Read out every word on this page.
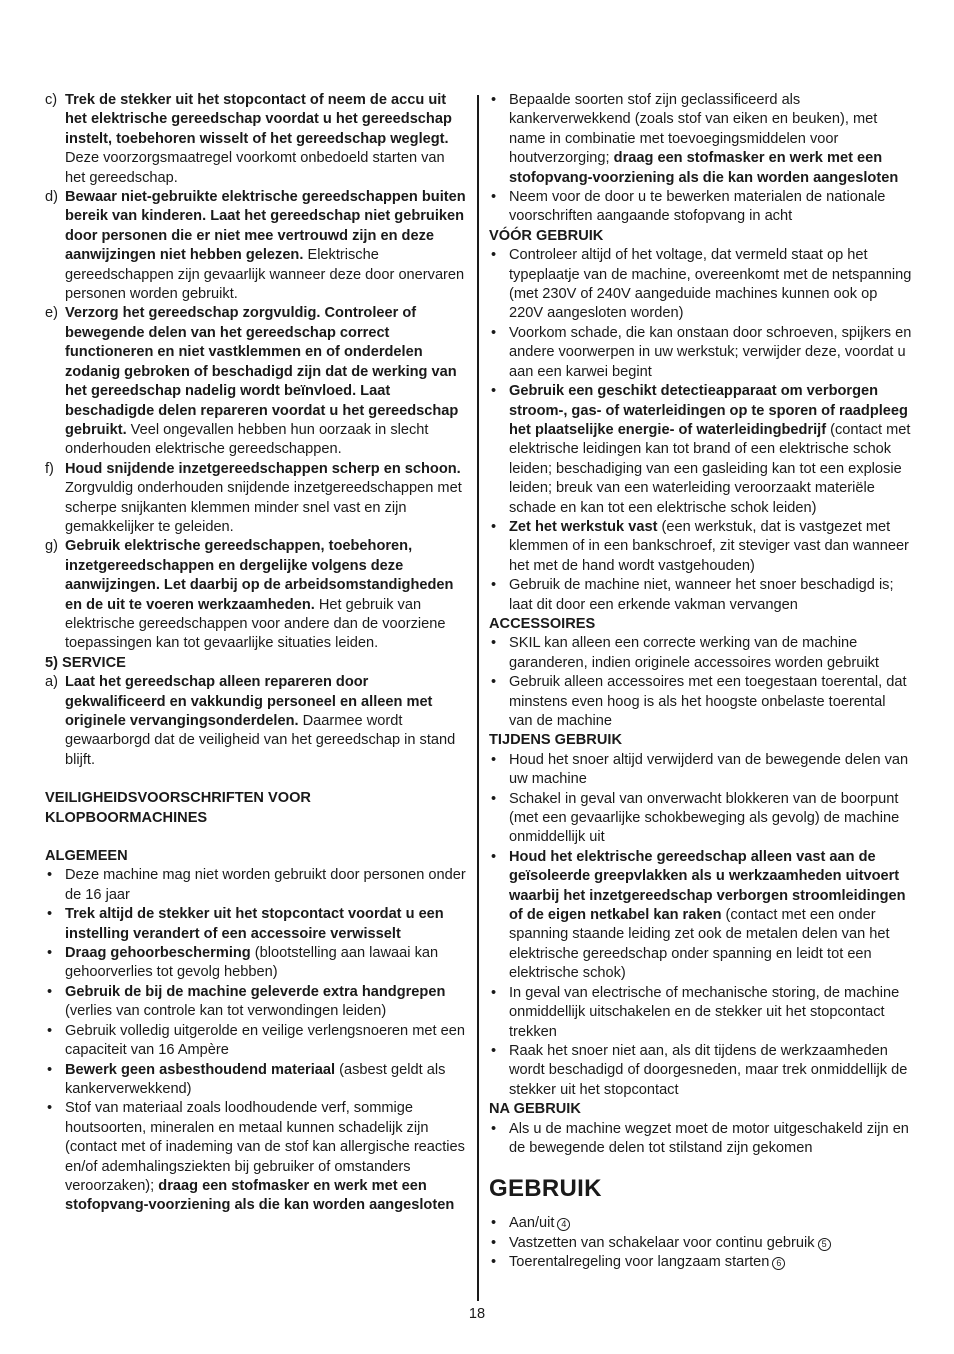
c) Trek de stekker uit het stopcontact of neem de accu uit het elektrische gereedschap voordat u het gereedschap instelt, toebehoren wisselt of het gereedschap weglegt. Deze voorzorgsmaatregel voorkomt onbedoeld starten van het gereedschap.
d) Bewaar niet-gebruikte elektrische gereedschappen buiten bereik van kinderen. Laat het gereedschap niet gebruiken door personen die er niet mee vertrouwd zijn en deze aanwijzingen niet hebben gelezen. Elektrische gereedschappen zijn gevaarlijk wanneer deze door onervaren personen worden gebruikt.
e) Verzorg het gereedschap zorgvuldig. Controleer of bewegende delen van het gereedschap correct functioneren en niet vastklemmen en of onderdelen zodanig gebroken of beschadigd zijn dat de werking van het gereedschap nadelig wordt beïnvloed. Laat beschadigde delen repareren voordat u het gereedschap gebruikt. Veel ongevallen hebben hun oorzaak in slecht onderhouden elektrische gereedschappen.
f) Houd snijdende inzetgereedschappen scherp en schoon. Zorgvuldig onderhouden snijdende inzetgereedschappen met scherpe snijkanten klemmen minder snel vast en zijn gemakkelijker te geleiden.
g) Gebruik elektrische gereedschappen, toebehoren, inzetgereedschappen en dergelijke volgens deze aanwijzingen. Let daarbij op de arbeidsomstandigheden en de uit te voeren werkzaamheden. Het gebruik van elektrische gereedschappen voor andere dan de voorziene toepassingen kan tot gevaarlijke situaties leiden.

5) SERVICE

a) Laat het gereedschap alleen repareren door gekwalificeerd en vakkundig personeel en alleen met originele vervangingsonderdelen. Daarmee wordt gewaarborgd dat de veiligheid van het gereedschap in stand blijft.

VEILIGHEIDSVOORSCHRIFTEN VOOR KLOPBOORMACHINES

ALGEMEEN

• Deze machine mag niet worden gebruikt door personen onder de 16 jaar
• Trek altijd de stekker uit het stopcontact voordat u een instelling verandert of een accessoire verwisselt
• Draag gehoorbescherming (blootstelling aan lawaai kan gehoorverlies tot gevolg hebben)
• Gebruik de bij de machine geleverde extra handgrepen (verlies van controle kan tot verwondingen leiden)
• Gebruik volledig uitgerolde en veilige verlengsnoeren met een capaciteit van 16 Ampère
• Bewerk geen asbesthoudend materiaal (asbest geldt als kankerverwekkend)
• Stof van materiaal zoals loodhoudende verf, sommige houtsoorten, mineralen en metaal kunnen schadelijk zijn (contact met of inademing van de stof kan allergische reacties en/of ademhalingsziekten bij gebruiker of omstanders veroorzaken); draag een stofmasker en werk met een stofopvang-voorziening als die kan worden aangesloten
• Bepaalde soorten stof zijn geclassificeerd als kankerverwekkend (zoals stof van eiken en beuken), met name in combinatie met toevoegingsmiddelen voor houtverzorging; draag een stofmasker en werk met een stofopvang-voorziening als die kan worden aangesloten
• Neem voor de door u te bewerken materialen de nationale voorschriften aangaande stofopvang in acht

VÓÓR GEBRUIK

• Controleer altijd of het voltage, dat vermeld staat op het typeplaatje van de machine, overeenkomt met de netspanning (met 230V of 240V aangeduide machines kunnen ook op 220V aangesloten worden)
• Voorkom schade, die kan onstaan door schroeven, spijkers en andere voorwerpen in uw werkstuk; verwijder deze, voordat u aan een karwei begint
• Gebruik een geschikt detectieapparaat om verborgen stroom-, gas- of waterleidingen op te sporen of raadpleeg het plaatselijke energie- of waterleidingbedrijf (contact met elektrische leidingen kan tot brand of een elektrische schok leiden; beschadiging van een gasleiding kan tot een explosie leiden; breuk van een waterleiding veroorzaakt materiële schade en kan tot een elektrische schok leiden)
• Zet het werkstuk vast (een werkstuk, dat is vastgezet met klemmen of in een bankschroef, zit steviger vast dan wanneer het met de hand wordt vastgehouden)
• Gebruik de machine niet, wanneer het snoer beschadigd is; laat dit door een erkende vakman vervangen

ACCESSOIRES

• SKIL kan alleen een correcte werking van de machine garanderen, indien originele accessoires worden gebruikt
• Gebruik alleen accessoires met een toegestaan toerental, dat minstens even hoog is als het hoogste onbelaste toerental van de machine

TIJDENS GEBRUIK

• Houd het snoer altijd verwijderd van de bewegende delen van uw machine
• Schakel in geval van onverwacht blokkeren van de boorpunt (met een gevaarlijke schokbeweging als gevolg) de machine onmiddellijk uit
• Houd het elektrische gereedschap alleen vast aan de geïsoleerde greepvlakken als u werkzaamheden uitvoert waarbij het inzetgereedschap verborgen stroomleidingen of de eigen netkabel kan raken (contact met een onder spanning staande leiding zet ook de metalen delen van het elektrische gereedschap onder spanning en leidt tot een elektrische schok)
• In geval van electrische of mechanische storing, de machine onmiddellijk uitschakelen en de stekker uit het stopcontact trekken
• Raak het snoer niet aan, als dit tijdens de werkzaamheden wordt beschadigd of doorgesneden, maar trek onmiddellijk de stekker uit het stopcontact

NA GEBRUIK

• Als u de machine wegzet moet de motor uitgeschakeld zijn en de bewegende delen tot stilstand zijn gekomen

GEBRUIK

• Aan/uit 4
• Vastzetten van schakelaar voor continu gebruik 5
• Toerentalregeling voor langzaam starten 6
18
